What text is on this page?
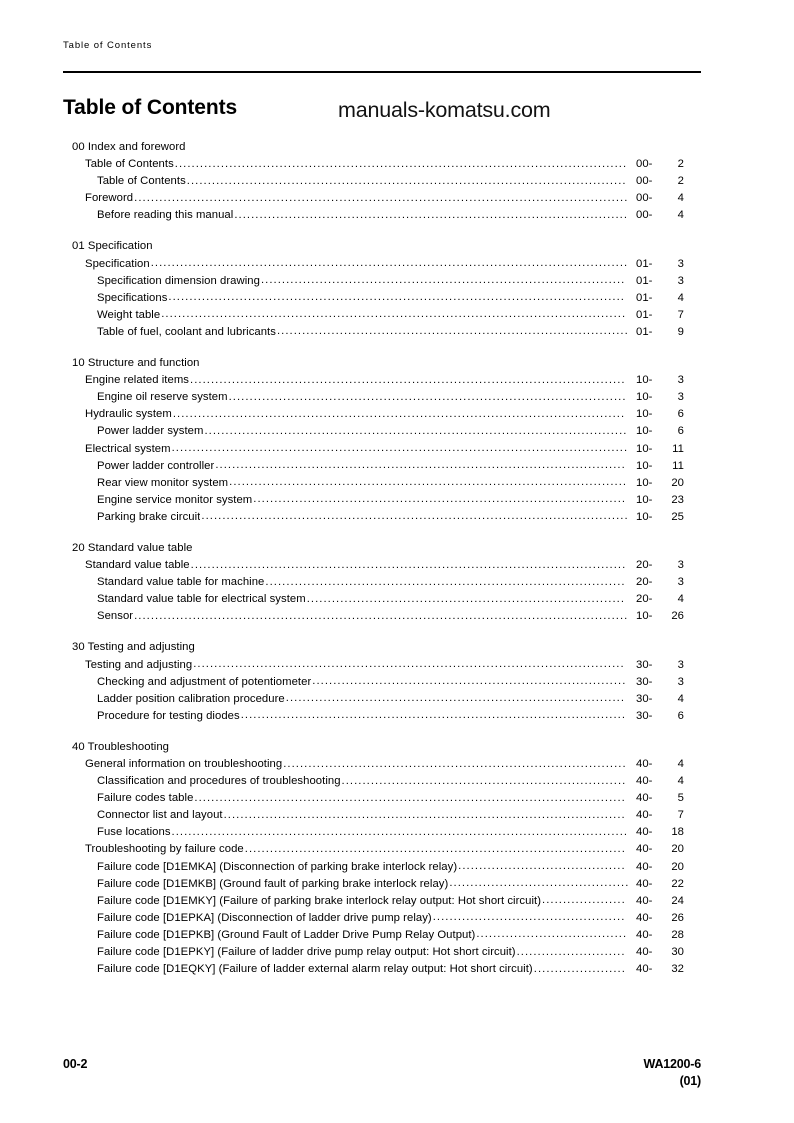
Table of Contents
Table of Contents	manuals-komatsu.com
00 Index and foreword
Table of Contents ............................................................................................................ 00-	2
Table of Contents ......................................................................................................... 00-	2
Foreword ...................................................................................................................... 00-	4
Before reading this manual .............................................................................................. 00-	4
01 Specification
Specification .................................................................................................................. 01-	3
Specification dimension drawing ....................................................................................... 01-	3
Specifications ............................................................................................................. 01-	4
Weight table ............................................................................................................... 01-	7
Table of fuel, coolant and lubricants .................................................................................... 01-	9
10 Structure and function
Engine related items ........................................................................................................ 10-	3
Engine oil reserve system ............................................................................................... 10-	3
Hydraulic system ............................................................................................................ 10-	6
Power ladder system ..................................................................................................... 10-	6
Electrical system ............................................................................................................. 10-	11
Power ladder controller .................................................................................................. 10-	11
Rear view monitor system ............................................................................................... 10-	20
Engine service monitor system ......................................................................................... 10-	23
Parking brake circuit ...................................................................................................... 10-	25
20 Standard value table
Standard value table ........................................................................................................ 20-	3
Standard value table for machine ...................................................................................... 20-	3
Standard value table for electrical system ............................................................................ 20-	4
Sensor ...................................................................................................................... 10-	26
30 Testing and adjusting
Testing and adjusting .......................................................................................................	30-	3
Checking and adjustment of potentiometer ........................................................................... 30-	3
Ladder position calibration procedure ................................................................................. 30-	4
Procedure for testing diodes ............................................................................................ 30-	6
40 Troubleshooting
General information on troubleshooting .................................................................................. 40-	4
Classification and procedures of troubleshooting .................................................................... 40-	4
Failure codes table ....................................................................................................... 40-	5
Connector list and layout ................................................................................................ 40-	7
Fuse locations ............................................................................................................. 40-	18
Troubleshooting by failure code ........................................................................................... 40-	20
Failure code [D1EMKA] (Disconnection of parking brake interlock relay) ........................................ 40-	20
Failure code [D1EMKB] (Ground fault of parking brake interlock relay) ........................................... 40-	22
Failure code [D1EMKY] (Failure of parking brake interlock relay output: Hot short circuit) .................... 40-	24
Failure code [D1EPKA] (Disconnection of ladder drive pump relay) .............................................. 40-	26
Failure code [D1EPKB] (Ground Fault of Ladder Drive Pump Relay Output) .................................... 40-	28
Failure code [D1EPKY] (Failure of ladder drive pump relay output: Hot short circuit) .......................... 40-	30
Failure code [D1EQKY] (Failure of ladder external alarm relay output: Hot short circuit) ...................... 40-	32
00-2	WA1200-6
(01)
